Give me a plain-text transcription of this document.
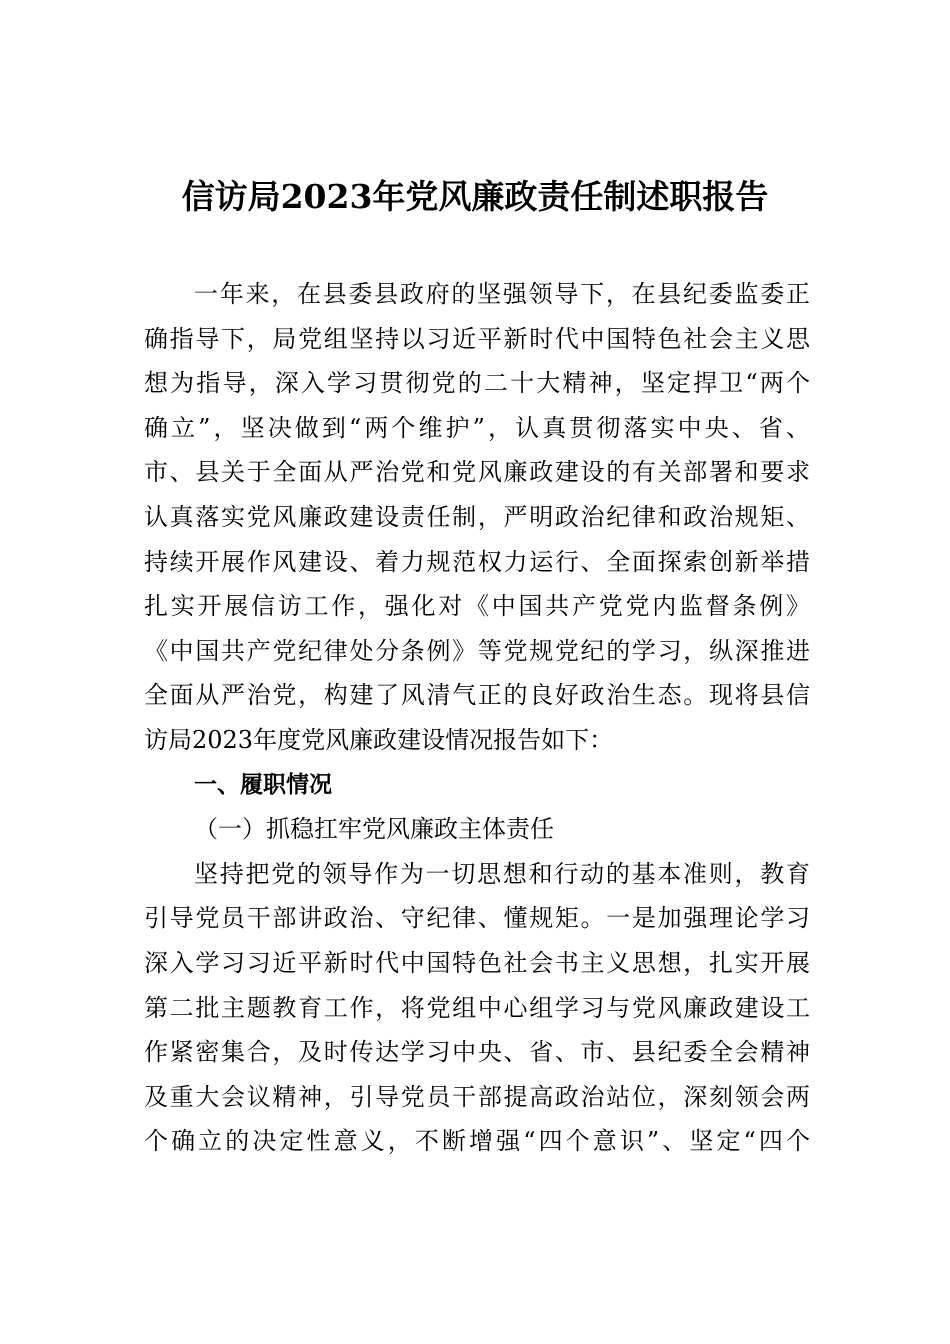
信访局2023年党风廉政责任制述职报告
一年来，在县委县政府的坚强领导下，在县纪委监委正
确指导下，局党组坚持以习近平新时代中国特色社会主义思
想为指导，深入学习贯彻党的二十大精神，坚定捍卫“两个
确立”，坚决做到“两个维护”，认真贯彻落实中央、省、
市、县关于全面从严治党和党风廉政建设的有关部署和要求
认真落实党风廉政建设责任制，严明政治纪律和政治规矩、
持续开展作风建设、着力规范权力运行、全面探索创新举措
扎实开展信访工作，强化对《中国共产党党内监督条例》
《中国共产党纪律处分条例》等党规党纪的学习，纵深推进
全面从严治党，构建了风清气正的良好政治生态。现将县信
访局2023年度党风廉政建设情况报告如下：
一、履职情况
（一）抓稳扛牢党风廉政主体责任
坚持把党的领导作为一切思想和行动的基本准则，教育
引导党员干部讲政治、守纪律、懂规矩。一是加强理论学习
深入学习习近平新时代中国特色社会书主义思想，扎实开展
第二批主题教育工作，将党组中心组学习与党风廉政建设工
作紧密集合，及时传达学习中央、省、市、县纪委全会精神
及重大会议精神，引导党员干部提高政治站位，深刻领会两
个确立的决定性意义，不断增强“四个意识”、坚定“四个
